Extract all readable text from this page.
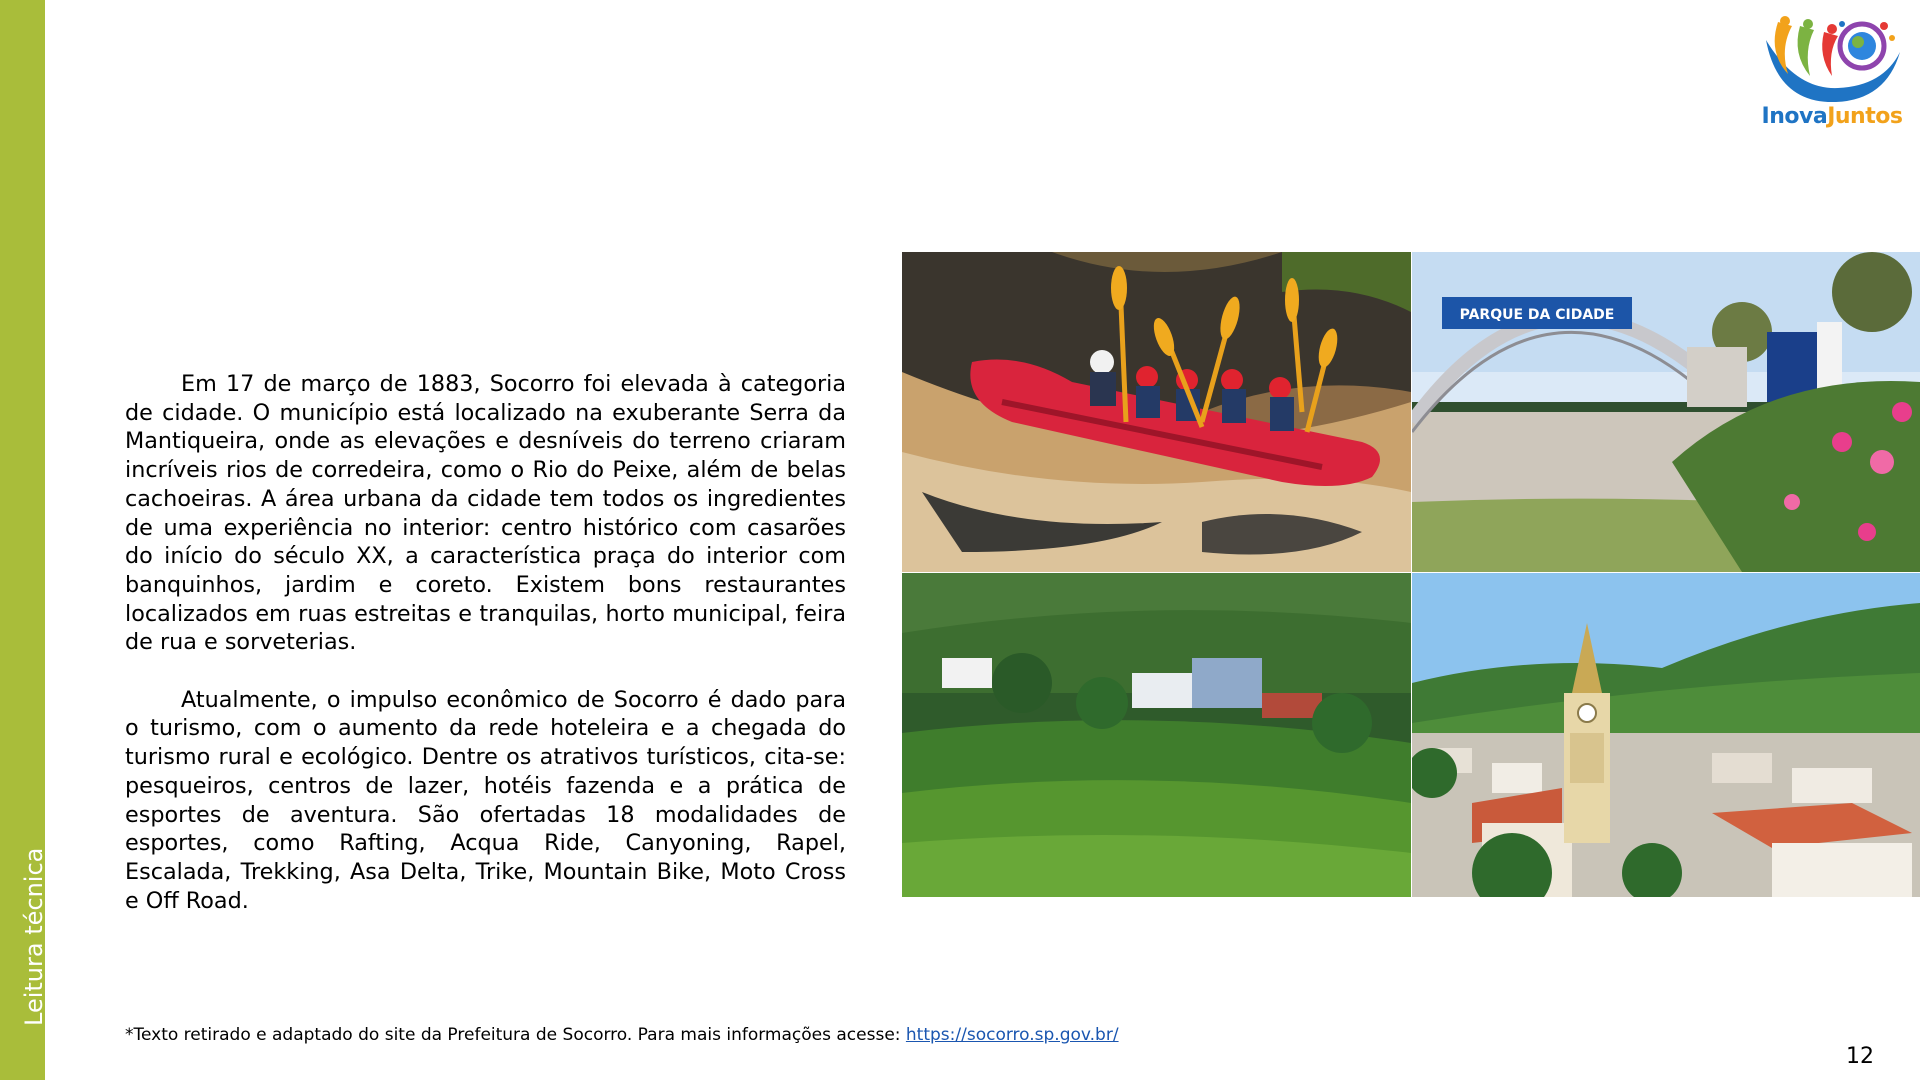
Leitura técnica
InovaJuntos

Em 17 de março de 1883, Socorro foi elevada à categoria de cidade. O município está localizado na exuberante Serra da Mantiqueira, onde as elevações e desníveis do terreno criaram incríveis rios de corredeira, como o Rio do Peixe, além de belas cachoeiras. A área urbana da cidade tem todos os ingredientes de uma experiência no interior: centro histórico com casarões do início do século XX, a característica praça do interior com banquinhos, jardim e coreto. Existem bons restaurantes localizados em ruas estreitas e tranquilas, horto municipal, feira de rua e sorveterias.

Atualmente, o impulso econômico de Socorro é dado para o turismo, com o aumento da rede hoteleira e a chegada do turismo rural e ecológico. Dentre os atrativos turísticos, cita-se: pesqueiros, centros de lazer, hotéis fazenda e a prática de esportes de aventura. São ofertadas 18 modalidades de esportes, como Rafting, Acqua Ride, Canyoning, Rapel, Escalada, Trekking, Asa Delta, Trike, Mountain Bike, Moto Cross e Off Road.

PARQUE DA CIDADE
*Texto retirado e adaptado do site da Prefeitura de Socorro. Para mais informações acesse: https://socorro.sp.gov.br/
12
